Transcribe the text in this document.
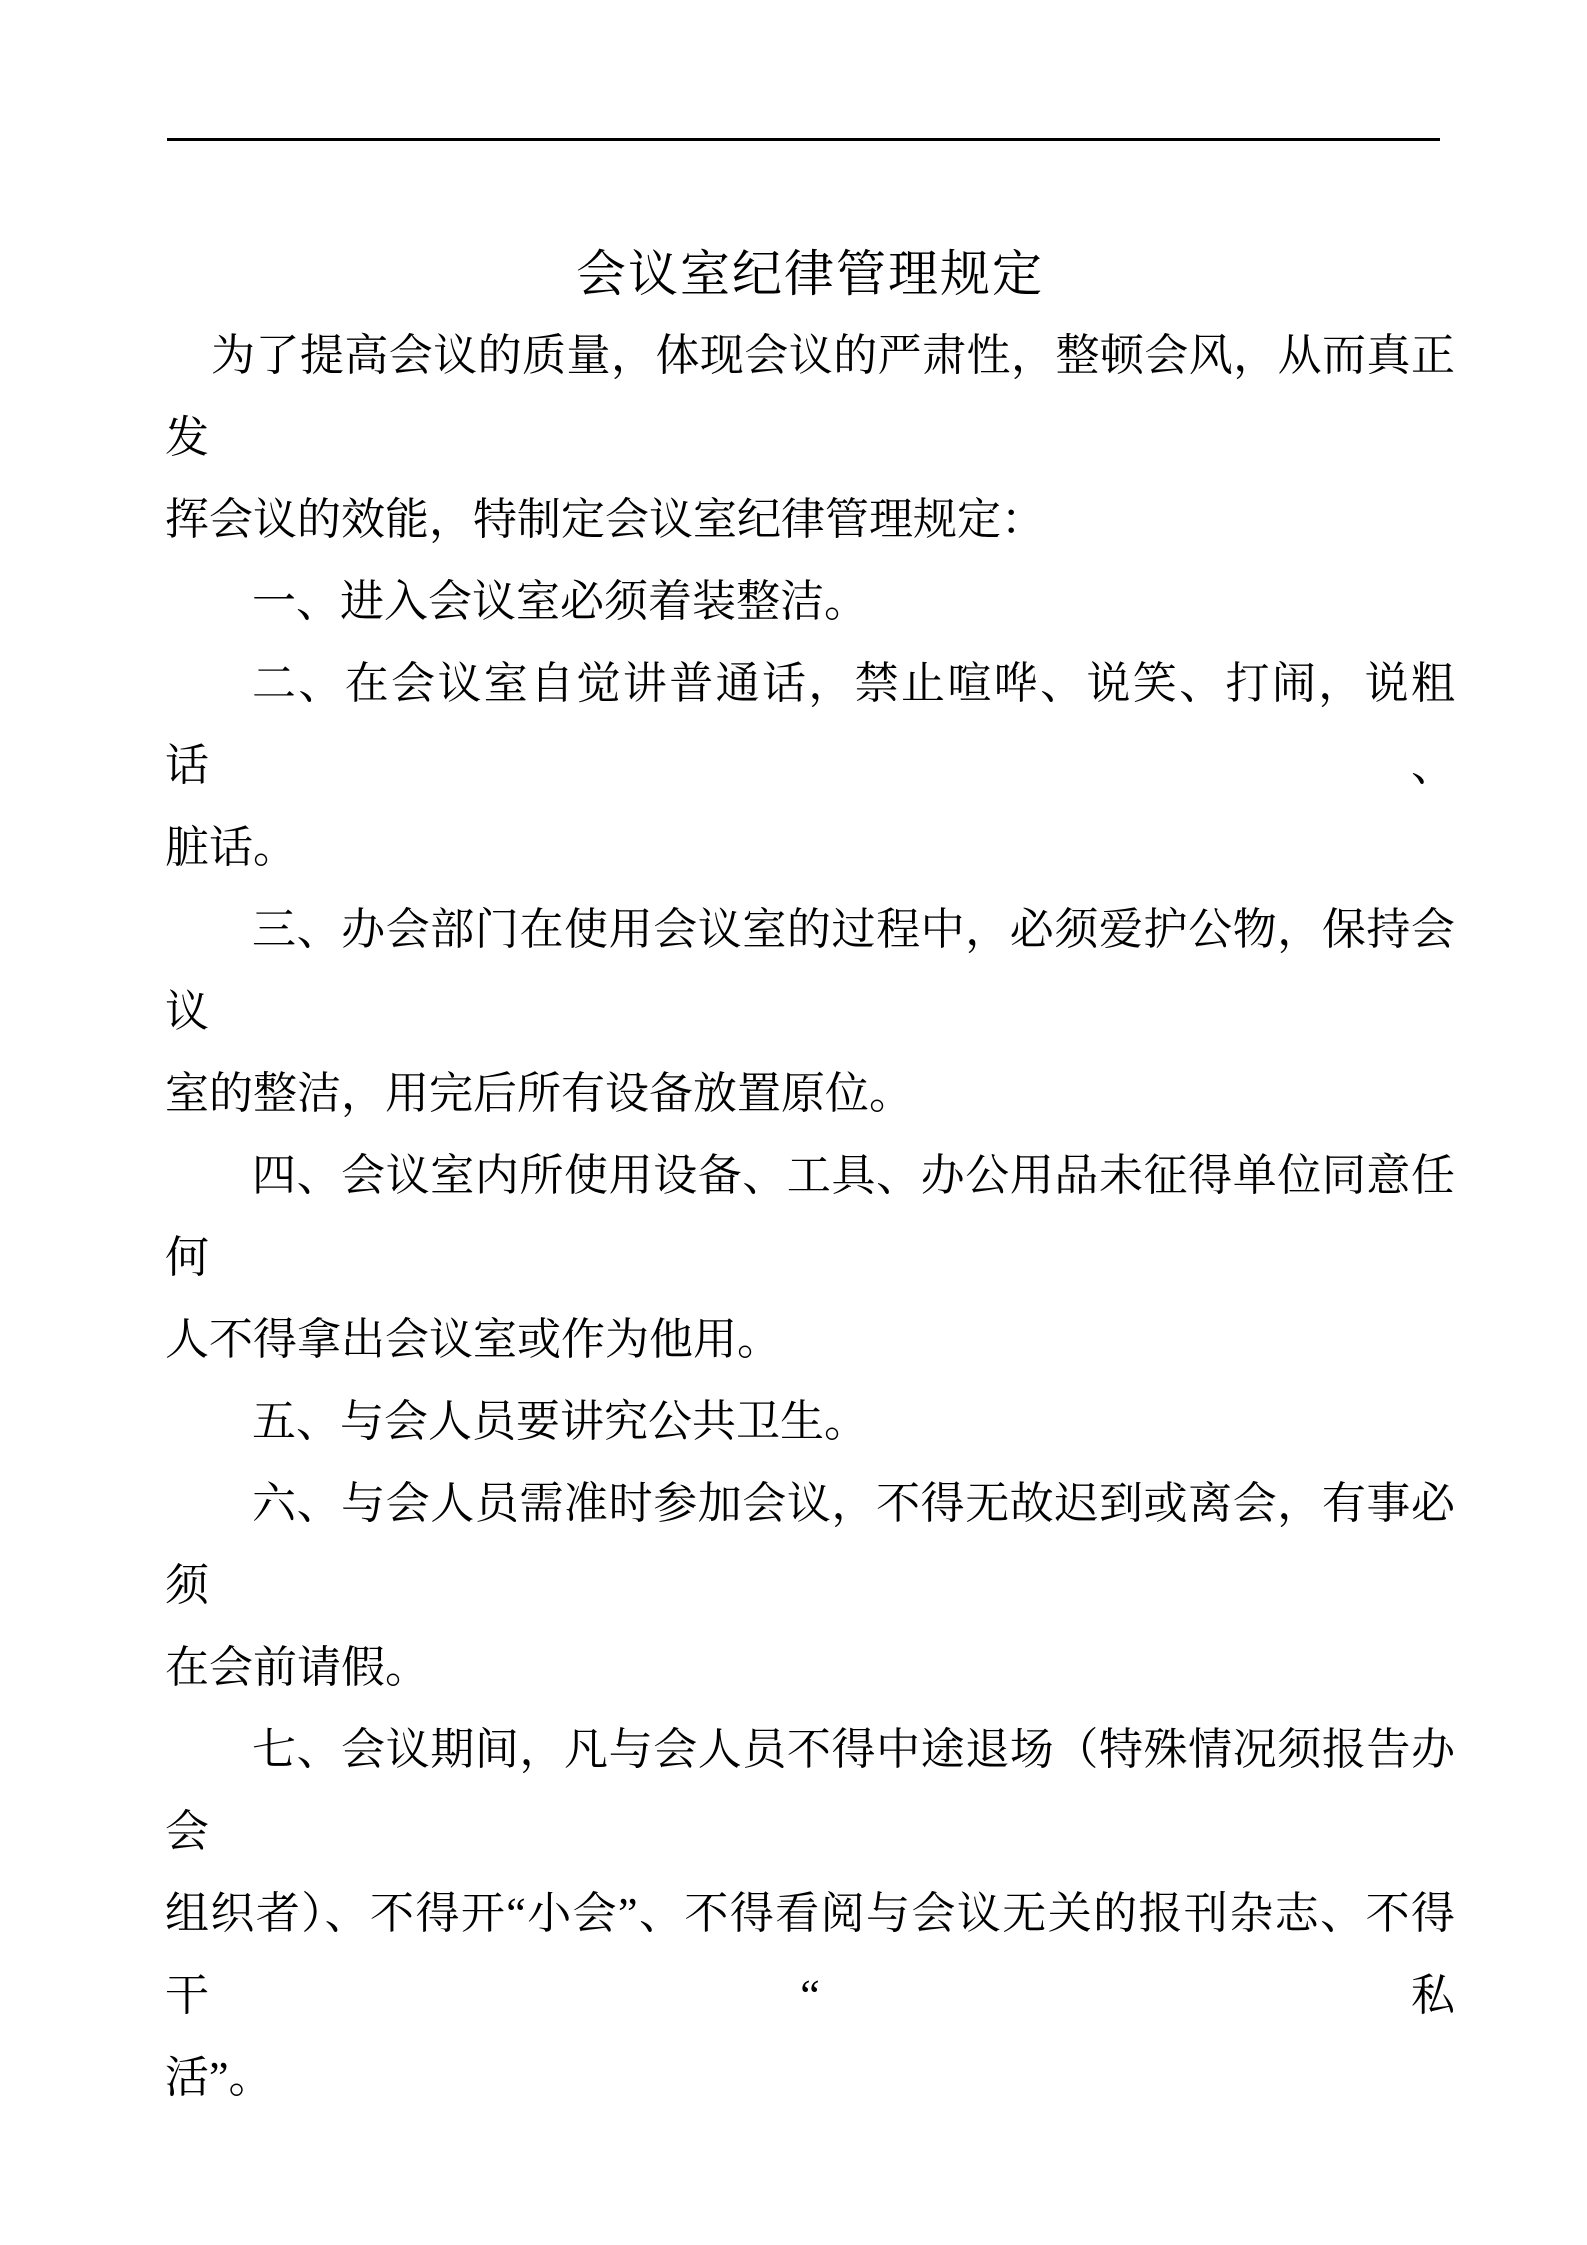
会议室纪律管理规定

为了提高会议的质量，体现会议的严肃性，整顿会风，从而真正发
挥会议的效能，特制定会议室纪律管理规定：

一、进入会议室必须着装整洁。

二、在会议室自觉讲普通话，禁止喧哗、说笑、打闹，说粗话、
脏话。

三、办会部门在使用会议室的过程中，必须爱护公物，保持会议
室的整洁，用完后所有设备放置原位。

四、会议室内所使用设备、工具、办公用品未征得单位同意任何
人不得拿出会议室或作为他用。

五、与会人员要讲究公共卫生。

六、与会人员需准时参加会议，不得无故迟到或离会，有事必须
在会前请假。

七、会议期间，凡与会人员不得中途退场（特殊情况须报告办会
组织者）、不得开“小会”、不得看阅与会议无关的报刊杂志、不得干“私
活”。
